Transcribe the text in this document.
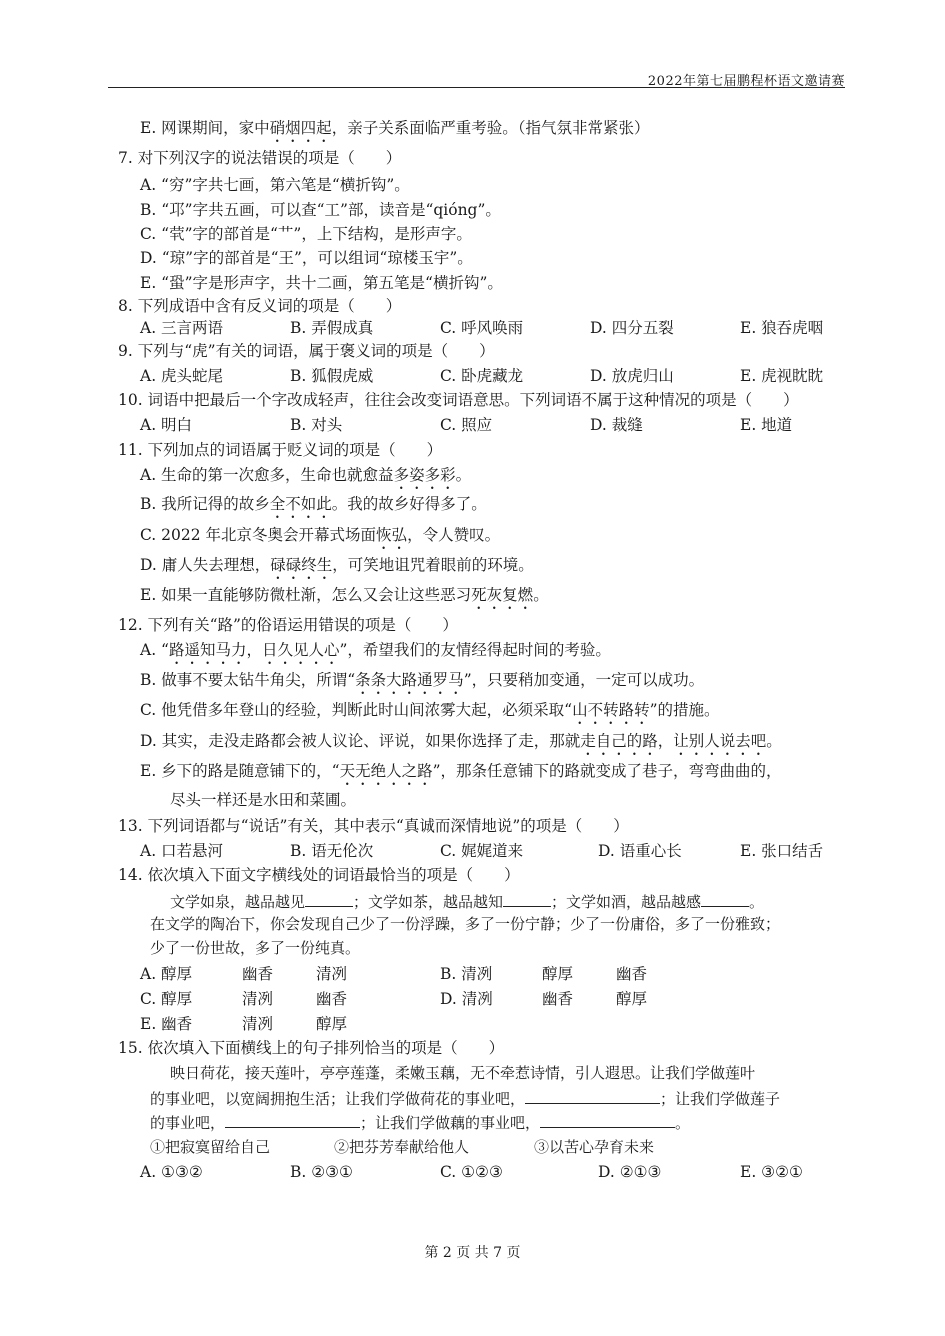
2022年第七届鹏程杯语文邀请赛
E. 网课期间，家中硝烟四起，亲子关系面临严重考验。（指气氛非常紧张）
7. 对下列汉字的说法错误的项是（　　）
A. “穷”字共七画，第六笔是“横折钩”。
B. “邛”字共五画，可以查“工”部，读音是“qióng”。
C. “茕”字的部首是“艹”，上下结构，是形声字。
D. “琼”字的部首是“王”，可以组词“琼楼玉宇”。
E. “蛩”字是形声字，共十二画，第五笔是“横折钩”。
8. 下列成语中含有反义词的项是（　　）
A. 三言两语	B. 弄假成真	C. 呼风唤雨	D. 四分五裂	E. 狼吞虎咽
9. 下列与“虎”有关的词语，属于褒义词的项是（　　）
A. 虎头蛇尾	B. 狐假虎威	C. 卧虎藏龙	D. 放虎归山	E. 虎视眈眈
10. 词语中把最后一个字改成轻声，往往会改变词语意思。下列词语不属于这种情况的项是（　　）
A. 明白	B. 对头	C. 照应	D. 裁缝	E. 地道
11. 下列加点的词语属于贬义词的项是（　　）
A. 生命的第一次愈多，生命也就愈益多姿多彩。
B. 我所记得的故乡全不如此。我的故乡好得多了。
C. 2022 年北京冬奥会开幕式场面恢弘，令人赞叹。
D. 庸人失去理想，碌碌终生，可笑地诅咒着眼前的环境。
E. 如果一直能够防微杜渐，怎么又会让这些恶习死灰复燃。
12. 下列有关“路”的俗语运用错误的项是（　　）
A. “路遥知马力，日久见人心”，希望我们的友情经得起时间的考验。
B. 做事不要太钻牛角尖，所谓“条条大路通罗马”，只要稍加变通，一定可以成功。
C. 他凭借多年登山的经验，判断此时山间浓雾大起，必须采取“山不转路转”的措施。
D. 其实，走没走路都会被人议论、评说，如果你选择了走，那就走自己的路，让别人说去吧。
E. 乡下的路是随意铺下的，“天无绝人之路”，那条任意铺下的路就变成了巷子，弯弯曲曲的，
尽头一样还是水田和菜圃。
13. 下列词语都与“说话”有关，其中表示“真诚而深情地说”的项是（　　）
A. 口若悬河	B. 语无伦次	C. 娓娓道来	D. 语重心长	E. 张口结舌
14. 依次填入下面文字横线处的词语最恰当的项是（　　）
文学如泉，越品越见	；文学如茶，越品越知	；文学如酒，越品越感	。
在文学的陶冶下，你会发现自己少了一份浮躁，多了一份宁静；少了一份庸俗，多了一份雅致；
少了一份世故，多了一份纯真。
A. 醇厚	幽香	清冽	B. 清冽	醇厚	幽香
C. 醇厚	清冽	幽香	D. 清冽	幽香	醇厚
E. 幽香	清冽	醇厚
15. 依次填入下面横线上的句子排列恰当的项是（　　）
映日荷花，接天莲叶，亭亭莲蓬，柔嫩玉藕，无不牵惹诗情，引人遐思。让我们学做莲叶
的事业吧，以宽阔拥抱生活；让我们学做荷花的事业吧，	；让我们学做莲子
的事业吧，	；让我们学做藕的事业吧，	。
①把寂寞留给自己	②把芬芳奉献给他人	③以苦心孕育未来
A. ①③②	B. ②③①	C. ①②③	D. ②①③	E. ③②①
第 2 页 共 7 页
